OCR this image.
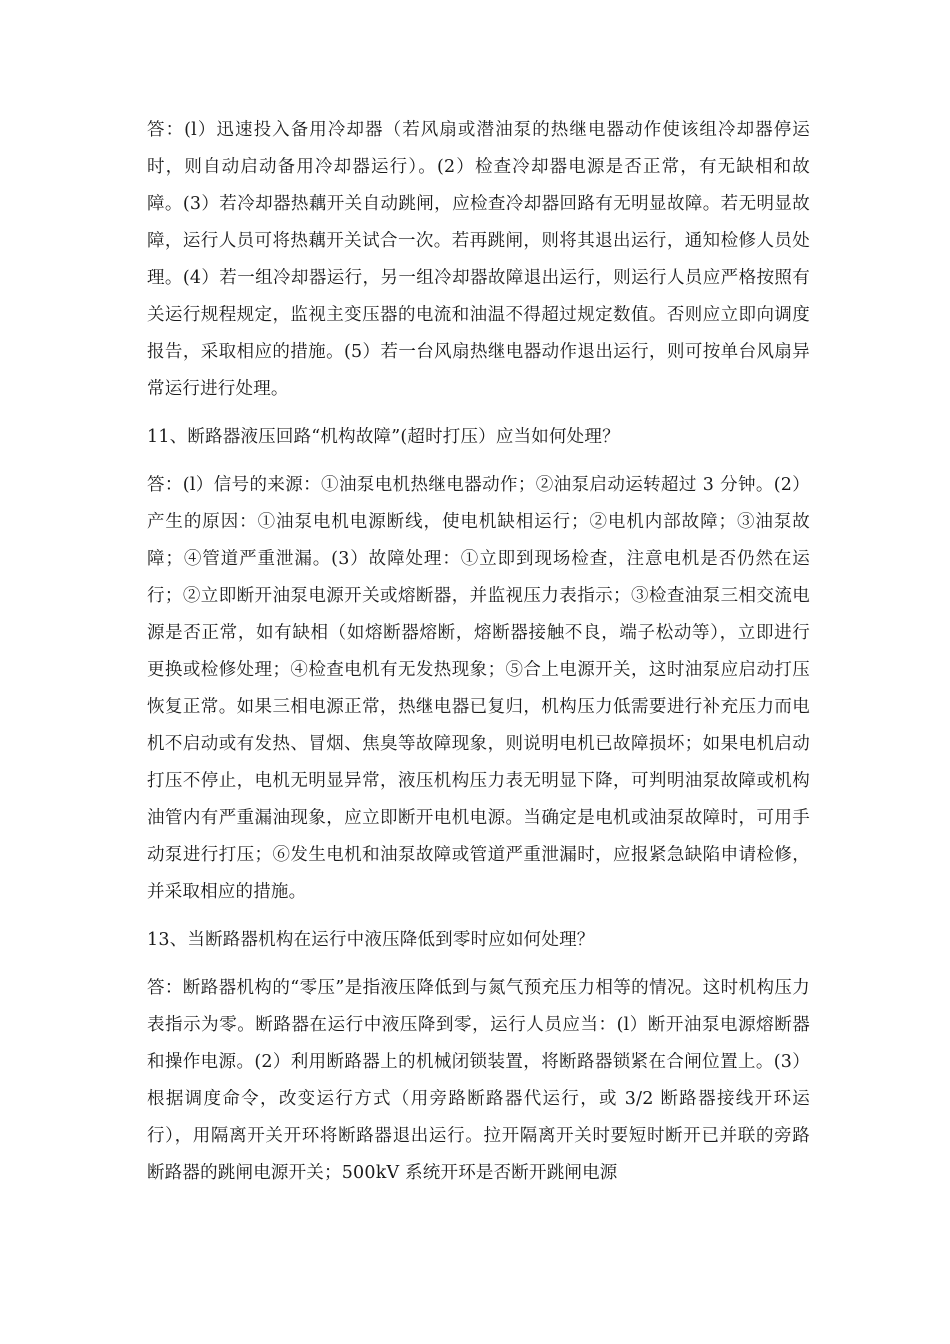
答：(l）迅速投入备用冷却器（若风扇或潜油泵的热继电器动作使该组冷却器停运时，则自动启动备用冷却器运行）。(2）检查冷却器电源是否正常，有无缺相和故障。(3）若冷却器热藕开关自动跳闸，应检查冷却器回路有无明显故障。若无明显故障，运行人员可将热藕开关试合一次。若再跳闸，则将其退出运行，通知检修人员处理。(4）若一组冷却器运行，另一组冷却器故障退出运行，则运行人员应严格按照有关运行规程规定，监视主变压器的电流和油温不得超过规定数值。否则应立即向调度报告，采取相应的措施。(5）若一台风扇热继电器动作退出运行，则可按单台风扇异常运行进行处理。

11、断路器液压回路“机构故障”(超时打压）应当如何处理？

答：(l）信号的来源：①油泵电机热继电器动作；②油泵启动运转超过 3 分钟。(2）产生的原因：①油泵电机电源断线，使电机缺相运行；②电机内部故障；③油泵故障；④管道严重泄漏。(3）故障处理：①立即到现场检查，注意电机是否仍然在运行；②立即断开油泵电源开关或熔断器，并监视压力表指示；③检查油泵三相交流电源是否正常，如有缺相（如熔断器熔断，熔断器接触不良，端子松动等），立即进行更换或检修处理；④检查电机有无发热现象；⑤合上电源开关，这时油泵应启动打压恢复正常。如果三相电源正常，热继电器已复归，机构压力低需要进行补充压力而电机不启动或有发热、冒烟、焦臭等故障现象，则说明电机已故障损坏；如果电机启动打压不停止，电机无明显异常，液压机构压力表无明显下降，可判明油泵故障或机构油管内有严重漏油现象，应立即断开电机电源。当确定是电机或油泵故障时，可用手动泵进行打压；⑥发生电机和油泵故障或管道严重泄漏时，应报紧急缺陷申请检修，并采取相应的措施。

13、当断路器机构在运行中液压降低到零时应如何处理？

答：断路器机构的“零压”是指液压降低到与氮气预充压力相等的情况。这时机构压力表指示为零。断路器在运行中液压降到零，运行人员应当：(l）断开油泵电源熔断器和操作电源。(2）利用断路器上的机械闭锁装置，将断路器锁紧在合闸位置上。(3）根据调度命令，改变运行方式（用旁路断路器代运行，或 3/2 断路器接线开环运行），用隔离开关开环将断路器退出运行。拉开隔离开关时要短时断开已并联的旁路断路器的跳闸电源开关；500kV 系统开环是否断开跳闸电源
